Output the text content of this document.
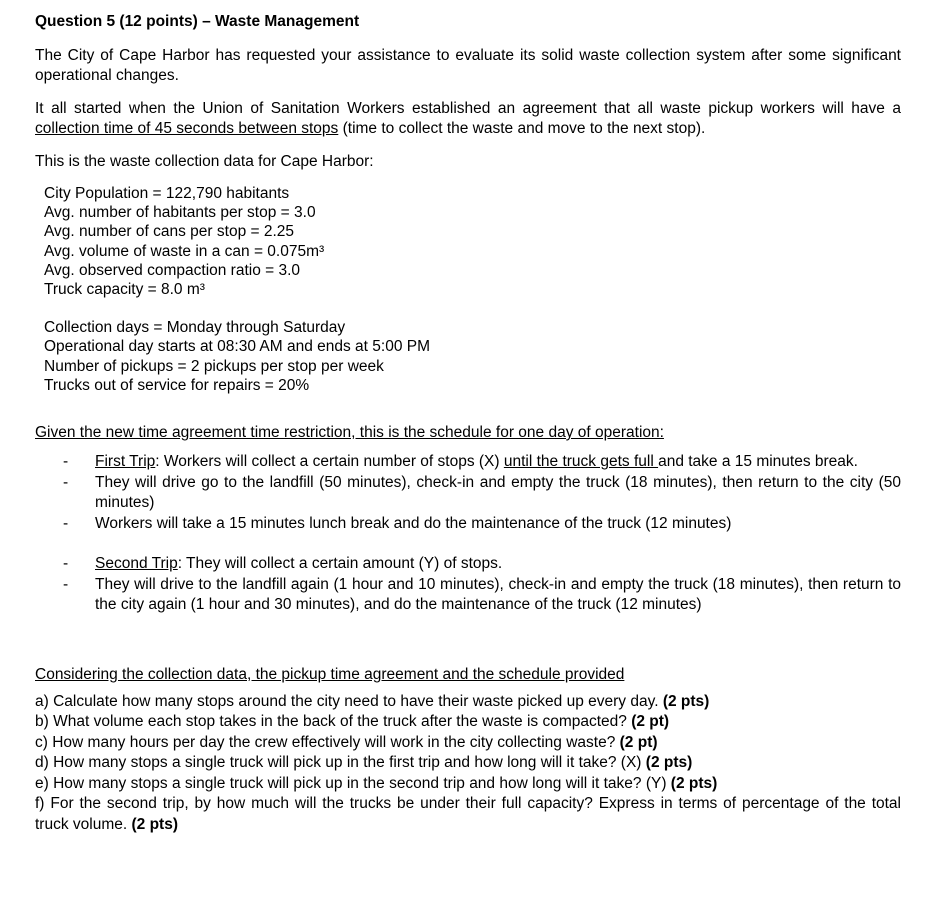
Question 5 (12 points) – Waste Management

The City of Cape Harbor has requested your assistance to evaluate its solid waste collection system after some significant operational changes.

It all started when the Union of Sanitation Workers established an agreement that all waste pickup workers will have a collection time of 45 seconds between stops (time to collect the waste and move to the next stop).

This is the waste collection data for Cape Harbor:

City Population = 122,790 habitants
Avg. number of habitants per stop = 3.0
Avg. number of cans per stop = 2.25
Avg. volume of waste in a can = 0.075m³
Avg. observed compaction ratio = 3.0
Truck capacity = 8.0 m³
Collection days = Monday through Saturday
Operational day starts at 08:30 AM and ends at 5:00 PM
Number of pickups = 2 pickups per stop per week
Trucks out of service for repairs = 20%
Given the new time agreement time restriction, this is the schedule for one day of operation:
- First Trip: Workers will collect a certain number of stops (X) until the truck gets full and take a 15 minutes break.
- They will drive go to the landfill (50 minutes), check-in and empty the truck (18 minutes), then return to the city (50 minutes)
- Workers will take a 15 minutes lunch break and do the maintenance of the truck (12 minutes)
- Second Trip: They will collect a certain amount (Y) of stops.
- They will drive to the landfill again (1 hour and 10 minutes), check-in and empty the truck (18 minutes), then return to the city again (1 hour and 30 minutes), and do the maintenance of the truck (12 minutes)
Considering the collection data, the pickup time agreement and the schedule provided
a) Calculate how many stops around the city need to have their waste picked up every day. (2 pts)
b) What volume each stop takes in the back of the truck after the waste is compacted? (2 pt)
c) How many hours per day the crew effectively will work in the city collecting waste? (2 pt)
d) How many stops a single truck will pick up in the first trip and how long will it take? (X) (2 pts)
e) How many stops a single truck will pick up in the second trip and how long will it take? (Y) (2 pts)
f) For the second trip, by how much will the trucks be under their full capacity? Express in terms of percentage of the total truck volume. (2 pts)
